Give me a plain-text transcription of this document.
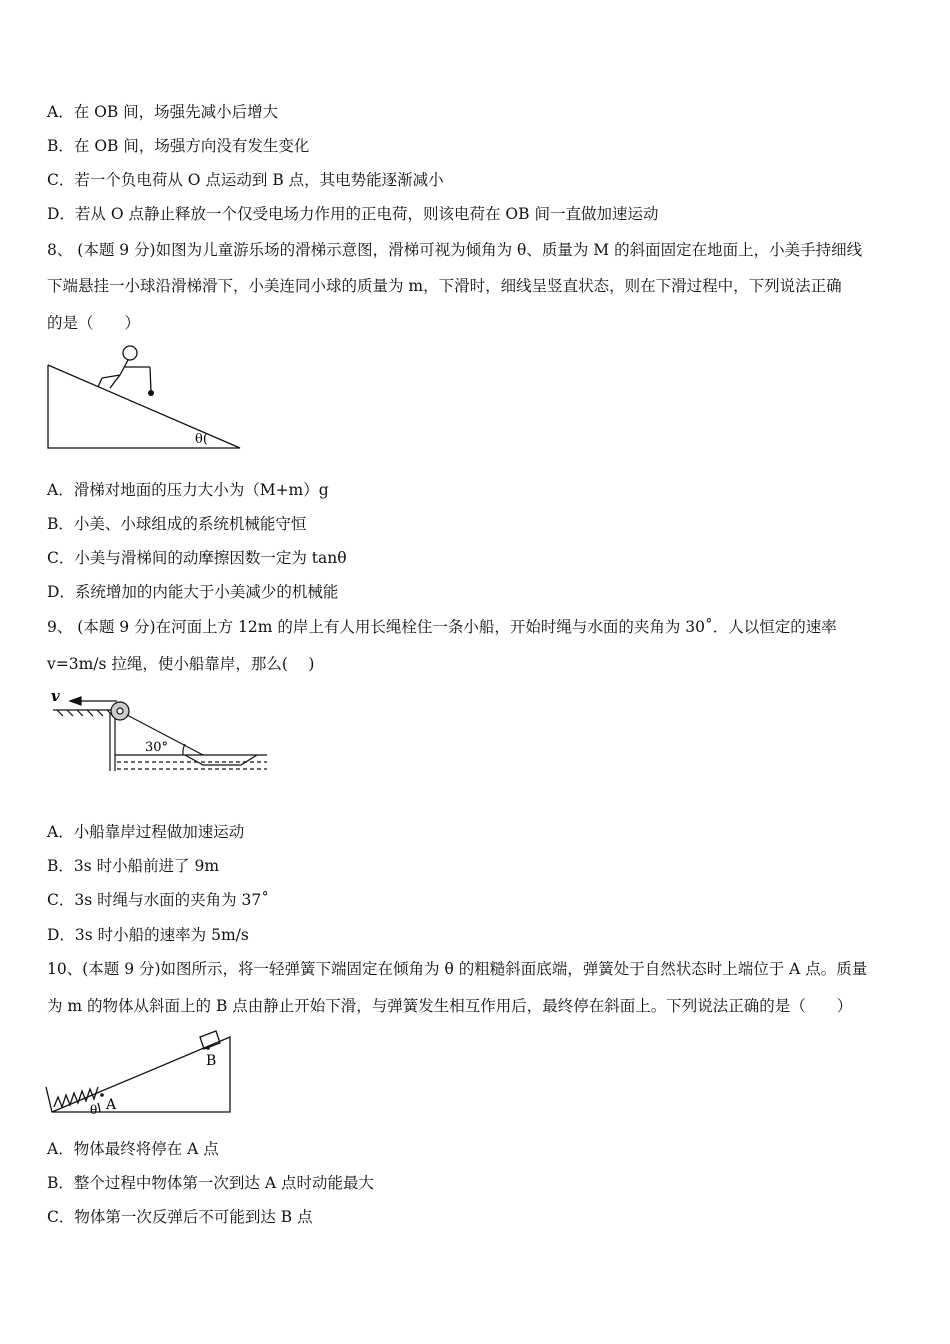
A．在 OB 间，场强先减小后增大
B．在 OB 间，场强方向没有发生变化
C．若一个负电荷从 O 点运动到 B 点，其电势能逐渐减小
D．若从 O 点静止释放一个仅受电场力作用的正电荷，则该电荷在 OB 间一直做加速运动
8、 (本题 9 分)如图为儿童游乐场的滑梯示意图，滑梯可视为倾角为 θ、质量为 M 的斜面固定在地面上，小美手持细线
下端悬挂一小球沿滑梯滑下，小美连同小球的质量为 m，下滑时，细线呈竖直状态，则在下滑过程中，下列说法正确
的是（　　）
θ(
A．滑梯对地面的压力大小为（M+m）g
B．小美、小球组成的系统机械能守恒
C．小美与滑梯间的动摩擦因数一定为 tanθ
D．系统增加的内能大于小美减少的机械能
9、 (本题 9 分)在河面上方 12m 的岸上有人用长绳栓住一条小船，开始时绳与水面的夹角为 30˚．人以恒定的速率
v=3m/s 拉绳，使小船靠岸，那么(　 )
v
30°
A．小船靠岸过程做加速运动
B．3s 时小船前进了 9m
C．3s 时绳与水面的夹角为 37˚
D．3s 时小船的速率为 5m/s
10、(本题 9 分)如图所示，将一轻弹簧下端固定在倾角为 θ 的粗糙斜面底端，弹簧处于自然状态时上端位于 A 点。质量
为 m 的物体从斜面上的 B 点由静止开始下滑，与弹簧发生相互作用后，最终停在斜面上。下列说法正确的是（　　）
A
B
θ
A．物体最终将停在 A 点
B．整个过程中物体第一次到达 A 点时动能最大
C．物体第一次反弹后不可能到达 B 点
